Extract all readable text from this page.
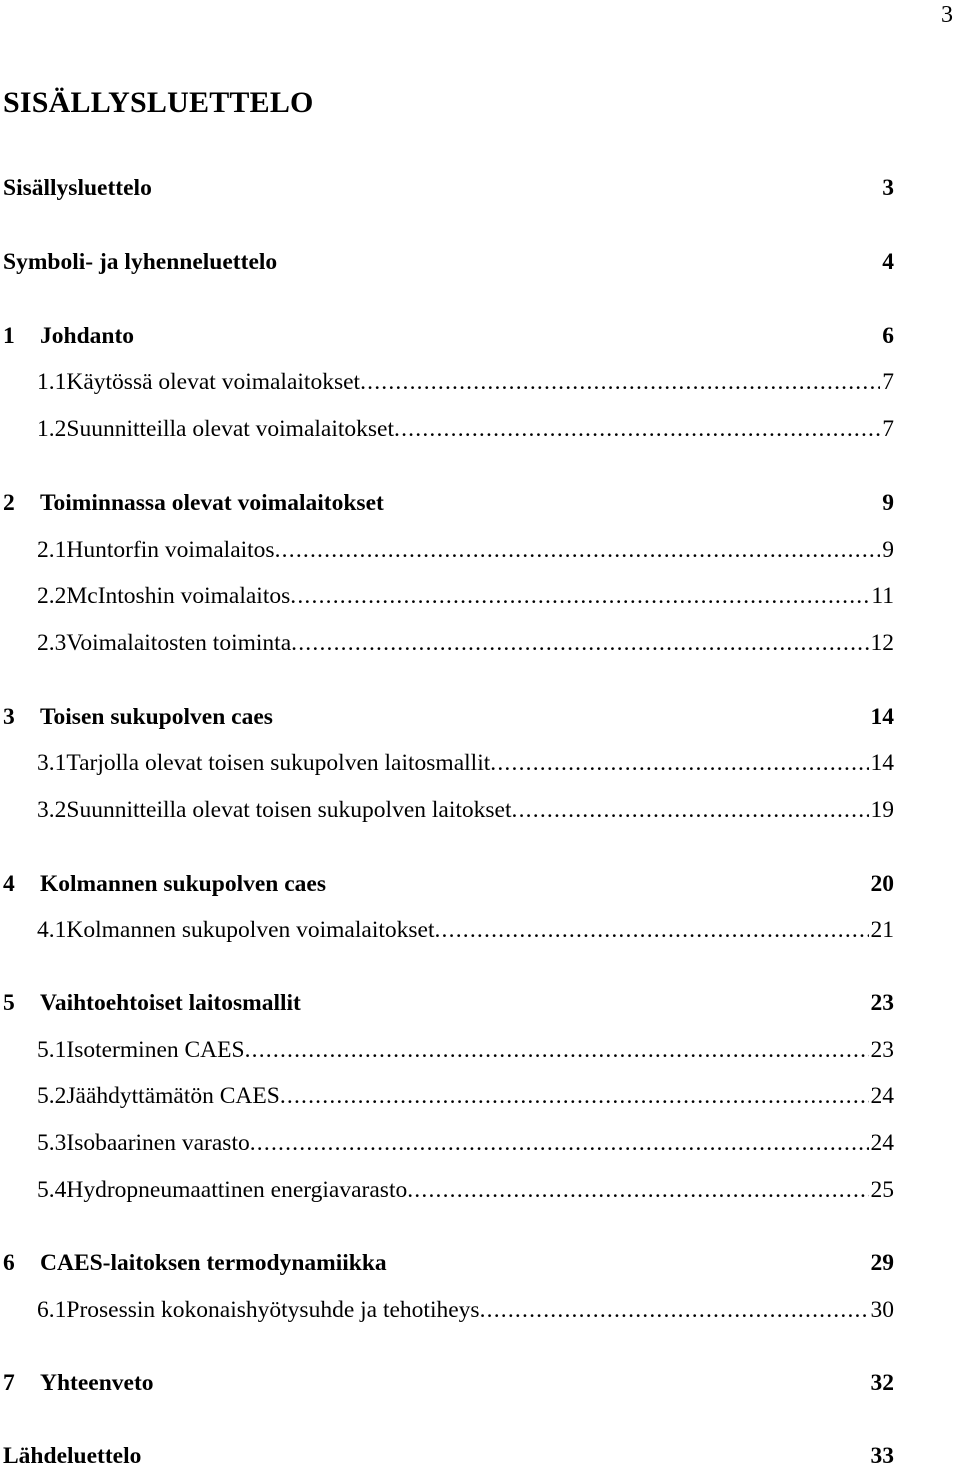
3
SISÄLLYSLUETTELO
Sisällysluettelo	3
Symboli- ja lyhenneluettelo	4
1	Johdanto	6
1.1 Käytössä olevat voimalaitokset .....	7
1.2 Suunnitteilla olevat voimalaitokset .....	7
2	Toiminnassa olevat voimalaitokset	9
2.1 Huntorfin voimalaitos .....	9
2.2 McIntoshin voimalaitos .....	11
2.3 Voimalaitosten toiminta .....	12
3	Toisen sukupolven caes	14
3.1 Tarjolla olevat toisen sukupolven laitosmallit .....	14
3.2 Suunnitteilla olevat toisen sukupolven laitokset .....	19
4	Kolmannen sukupolven caes	20
4.1 Kolmannen sukupolven voimalaitokset .....	21
5	Vaihtoehtoiset laitosmallit	23
5.1 Isoterminen CAES .....	23
5.2 Jäähdyttämätön CAES .....	24
5.3 Isobaarinen varasto .....	24
5.4 Hydropneumaattinen energiavarasto .....	25
6	CAES-laitoksen termodynamiikka	29
6.1 Prosessin kokonaishyötysuhde ja tehotiheys .....	30
7	Yhteenveto	32
Lähdeluettelo	33
